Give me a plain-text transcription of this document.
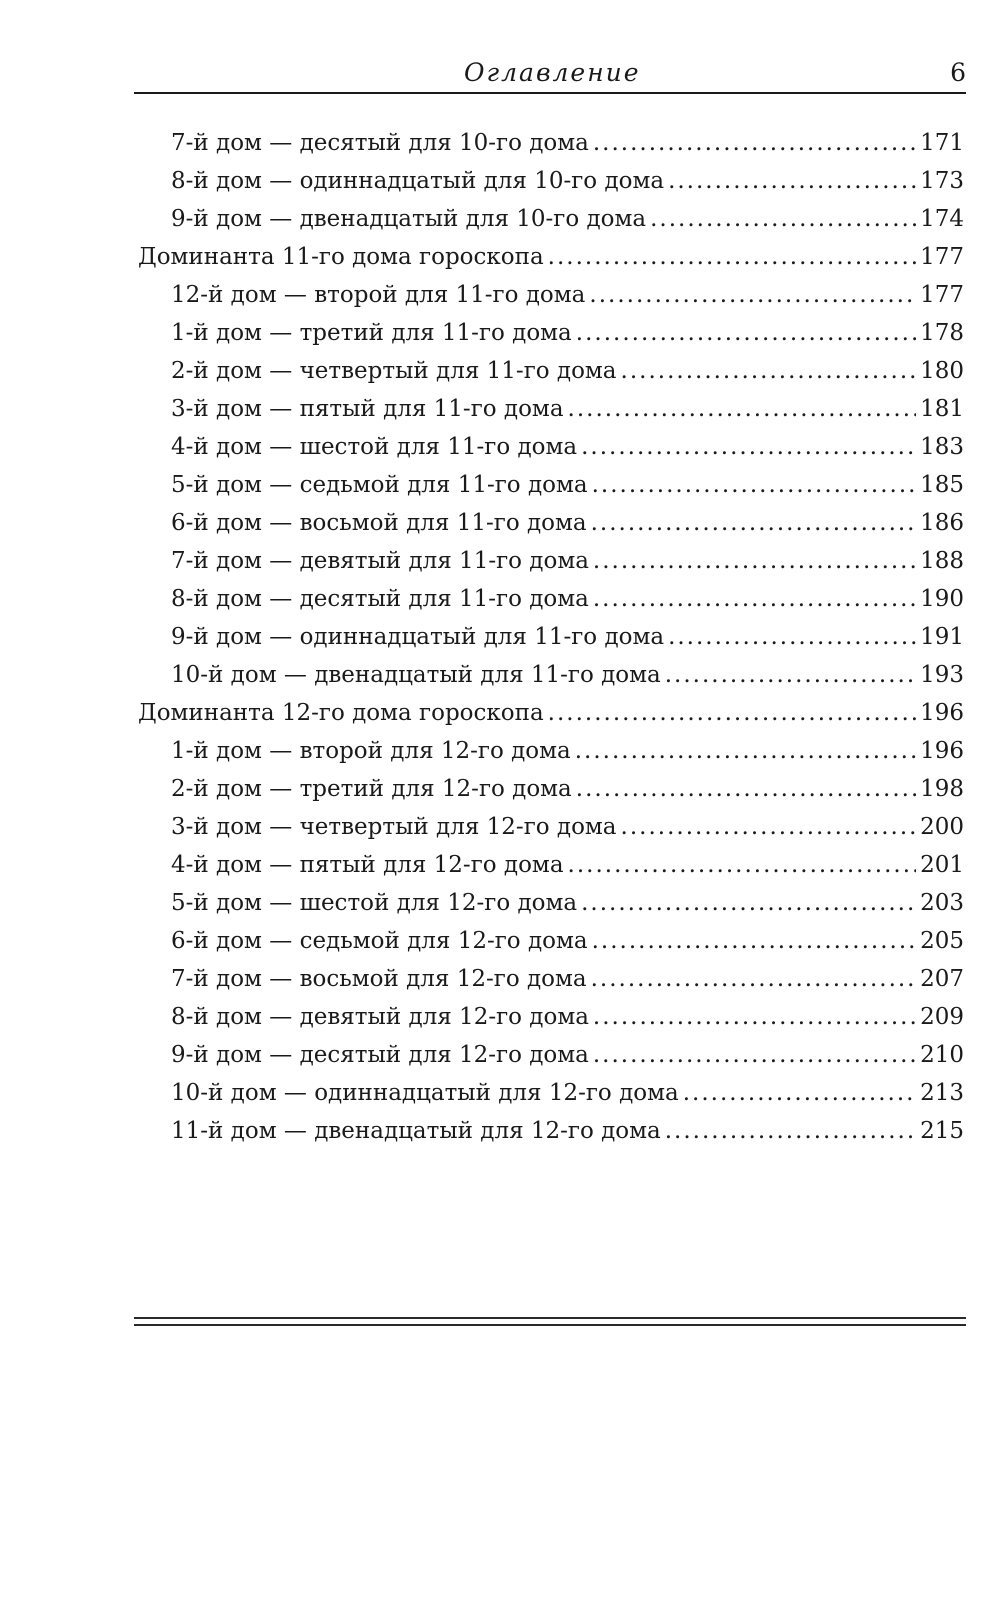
Оглавление	6
7-й дом — десятый для 10-го дома .....	171
8-й дом — одиннадцатый для 10-го дома .....	173
9-й дом — двенадцатый для 10-го дома .....	174
Доминанта 11-го дома гороскопа .....	177
12-й дом — второй для 11-го дома .....	177
1-й дом — третий для 11-го дома .....	178
2-й дом — четвертый для 11-го дома .....	180
3-й дом — пятый для 11-го дома .....	181
4-й дом — шестой для 11-го дома .....	183
5-й дом — седьмой для 11-го дома .....	185
6-й дом — восьмой для 11-го дома .....	186
7-й дом — девятый для 11-го дома .....	188
8-й дом — десятый для 11-го дома .....	190
9-й дом — одиннадцатый для 11-го дома .....	191
10-й дом — двенадцатый для 11-го дома .....	193
Доминанта 12-го дома гороскопа .....	196
1-й дом — второй для 12-го дома .....	196
2-й дом — третий для 12-го дома .....	198
3-й дом — четвертый для 12-го дома .....	200
4-й дом — пятый для 12-го дома .....	201
5-й дом — шестой для 12-го дома .....	203
6-й дом — седьмой для 12-го дома .....	205
7-й дом — восьмой для 12-го дома .....	207
8-й дом — девятый для 12-го дома .....	209
9-й дом — десятый для 12-го дома .....	210
10-й дом — одиннадцатый для 12-го дома .....	213
11-й дом — двенадцатый для 12-го дома .....	215
